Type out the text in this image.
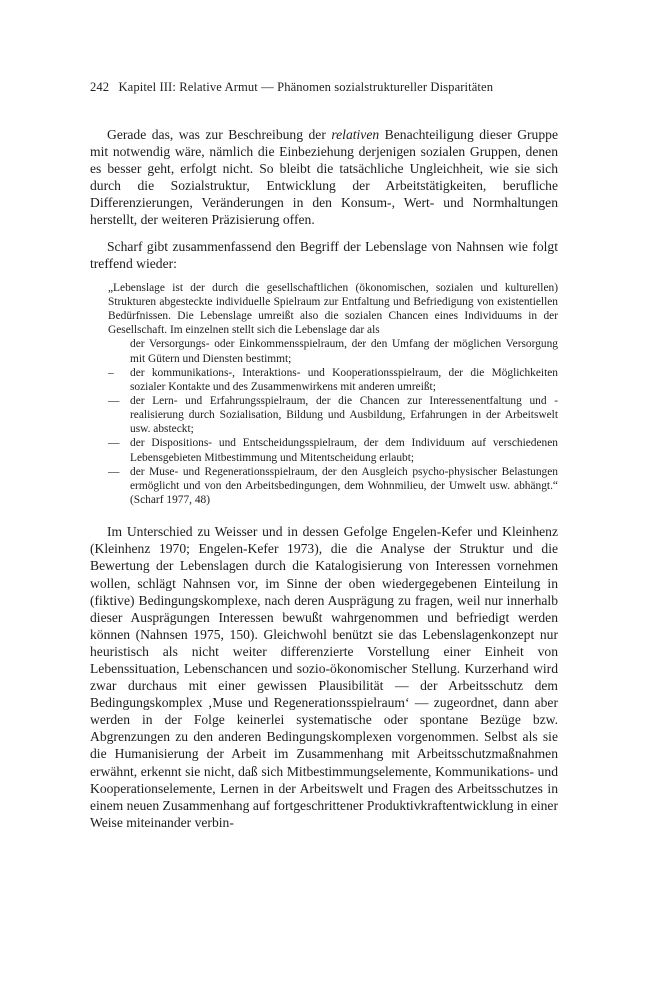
242 Kapitel III: Relative Armut — Phänomen sozialstruktureller Disparitäten

Gerade das, was zur Beschreibung der relativen Benachteiligung dieser Gruppe mit notwendig wäre, nämlich die Einbeziehung derjenigen sozialen Gruppen, denen es besser geht, erfolgt nicht. So bleibt die tatsächliche Ungleichheit, wie sie sich durch die Sozialstruktur, Entwicklung der Arbeitstätigkeiten, berufliche Differenzierungen, Veränderungen in den Konsum-, Wert- und Normhaltungen herstellt, der weiteren Präzisierung offen.

Scharf gibt zusammenfassend den Begriff der Lebenslage von Nahnsen wie folgt treffend wieder:

„Lebenslage ist der durch die gesellschaftlichen (ökonomischen, sozialen und kulturellen) Strukturen abgesteckte individuelle Spielraum zur Entfaltung und Befriedigung von existentiellen Bedürfnissen. Die Lebenslage umreißt also die sozialen Chancen eines Individuums in der Gesellschaft. Im einzelnen stellt sich die Lebenslage dar als

der Versorgungs- oder Einkommensspielraum, der den Umfang der möglichen Versorgung mit Gütern und Diensten bestimmt;
– der kommunikations-, Interaktions- und Kooperationsspielraum, der die Möglichkeiten sozialer Kontakte und des Zusammenwirkens mit anderen umreißt;
— der Lern- und Erfahrungsspielraum, der die Chancen zur Interessenentfaltung und -realisierung durch Sozialisation, Bildung und Ausbildung, Erfahrungen in der Arbeitswelt usw. absteckt;
— der Dispositions- und Entscheidungsspielraum, der dem Individuum auf verschiedenen Lebensgebieten Mitbestimmung und Mitentscheidung erlaubt;
— der Muse- und Regenerationsspielraum, der den Ausgleich psycho-physischer Belastungen ermöglicht und von den Arbeitsbedingungen, dem Wohnmilieu, der Umwelt usw. abhängt.“ (Scharf 1977, 48)

Im Unterschied zu Weisser und in dessen Gefolge Engelen-Kefer und Kleinhenz (Kleinhenz 1970; Engelen-Kefer 1973), die die Analyse der Struktur und die Bewertung der Lebenslagen durch die Katalogisierung von Interessen vornehmen wollen, schlägt Nahnsen vor, im Sinne der oben wiedergegebenen Einteilung in (fiktive) Bedingungskomplexe, nach deren Ausprägung zu fragen, weil nur innerhalb dieser Ausprägungen Interessen bewußt wahrgenommen und befriedigt werden können (Nahnsen 1975, 150). Gleichwohl benützt sie das Lebenslagenkonzept nur heuristisch als nicht weiter differenzierte Vorstellung einer Einheit von Lebenssituation, Lebenschancen und sozio-ökonomischer Stellung. Kurzerhand wird zwar durchaus mit einer gewissen Plausibilität — der Arbeitsschutz dem Bedingungskomplex ‚Muse und Regenerationsspielraum‘ — zugeordnet, dann aber werden in der Folge keinerlei systematische oder spontane Bezüge bzw. Abgrenzungen zu den anderen Bedingungskomplexen vorgenommen. Selbst als sie die Humanisierung der Arbeit im Zusammenhang mit Arbeitsschutzmaßnahmen erwähnt, erkennt sie nicht, daß sich Mitbestimmungselemente, Kommunikations- und Kooperationselemente, Lernen in der Arbeitswelt und Fragen des Arbeitsschutzes in einem neuen Zusammenhang auf fortgeschrittener Produktivkraftentwicklung in einer Weise miteinander verbin-
